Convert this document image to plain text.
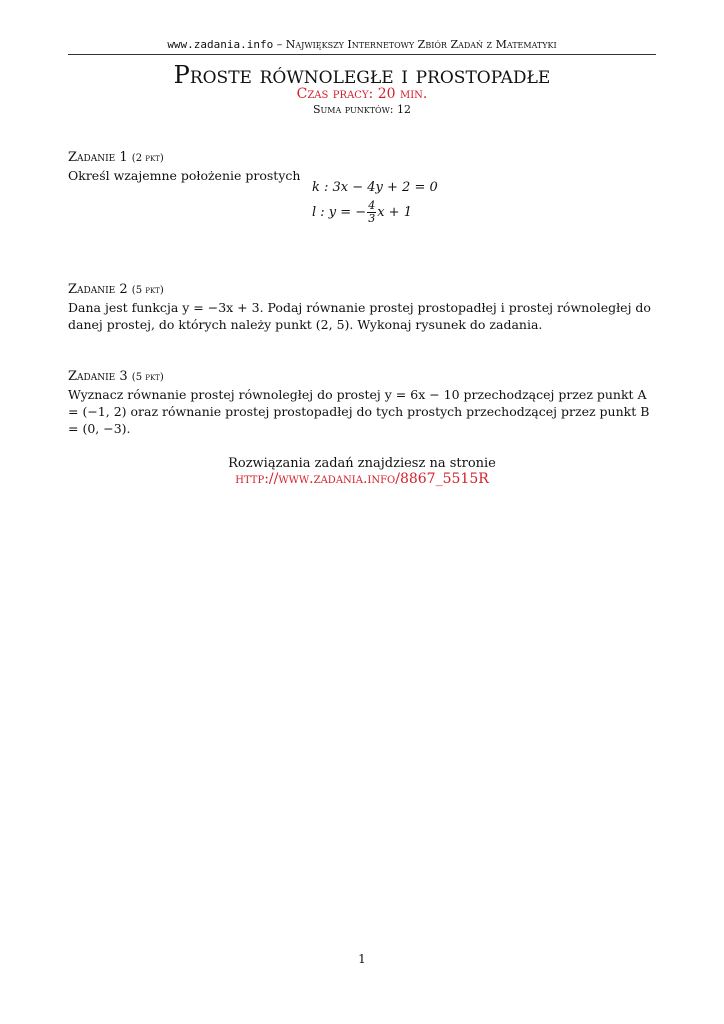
www.zadania.info – Największy Internetowy Zbiór Zadań z Matematyki
Proste równoległe i prostopadłe
Czas pracy: 20 min.
Suma punktów: 12
Zadanie 1 (2 pkt)
Określ wzajemne położenie prostych
k : 3x − 4y + 2 = 0
l : y = − $\frac{4}{3}$ x + 1
Zadanie 2 (5 pkt)
Dana jest funkcja y = −3x + 3. Podaj równanie prostej prostopadłej i prostej równoległej do danej prostej, do których należy punkt (2, 5). Wykonaj rysunek do zadania.
Zadanie 3 (5 pkt)
Wyznacz równanie prostej równoległej do prostej y = 6x − 10 przechodzącej przez punkt A = (−1, 2) oraz równanie prostej prostopadłej do tych prostych przechodzącej przez punkt B = (0, −3).
Rozwiązania zadań znajdziesz na stronie
http://www.zadania.info/8867_5515R
1
